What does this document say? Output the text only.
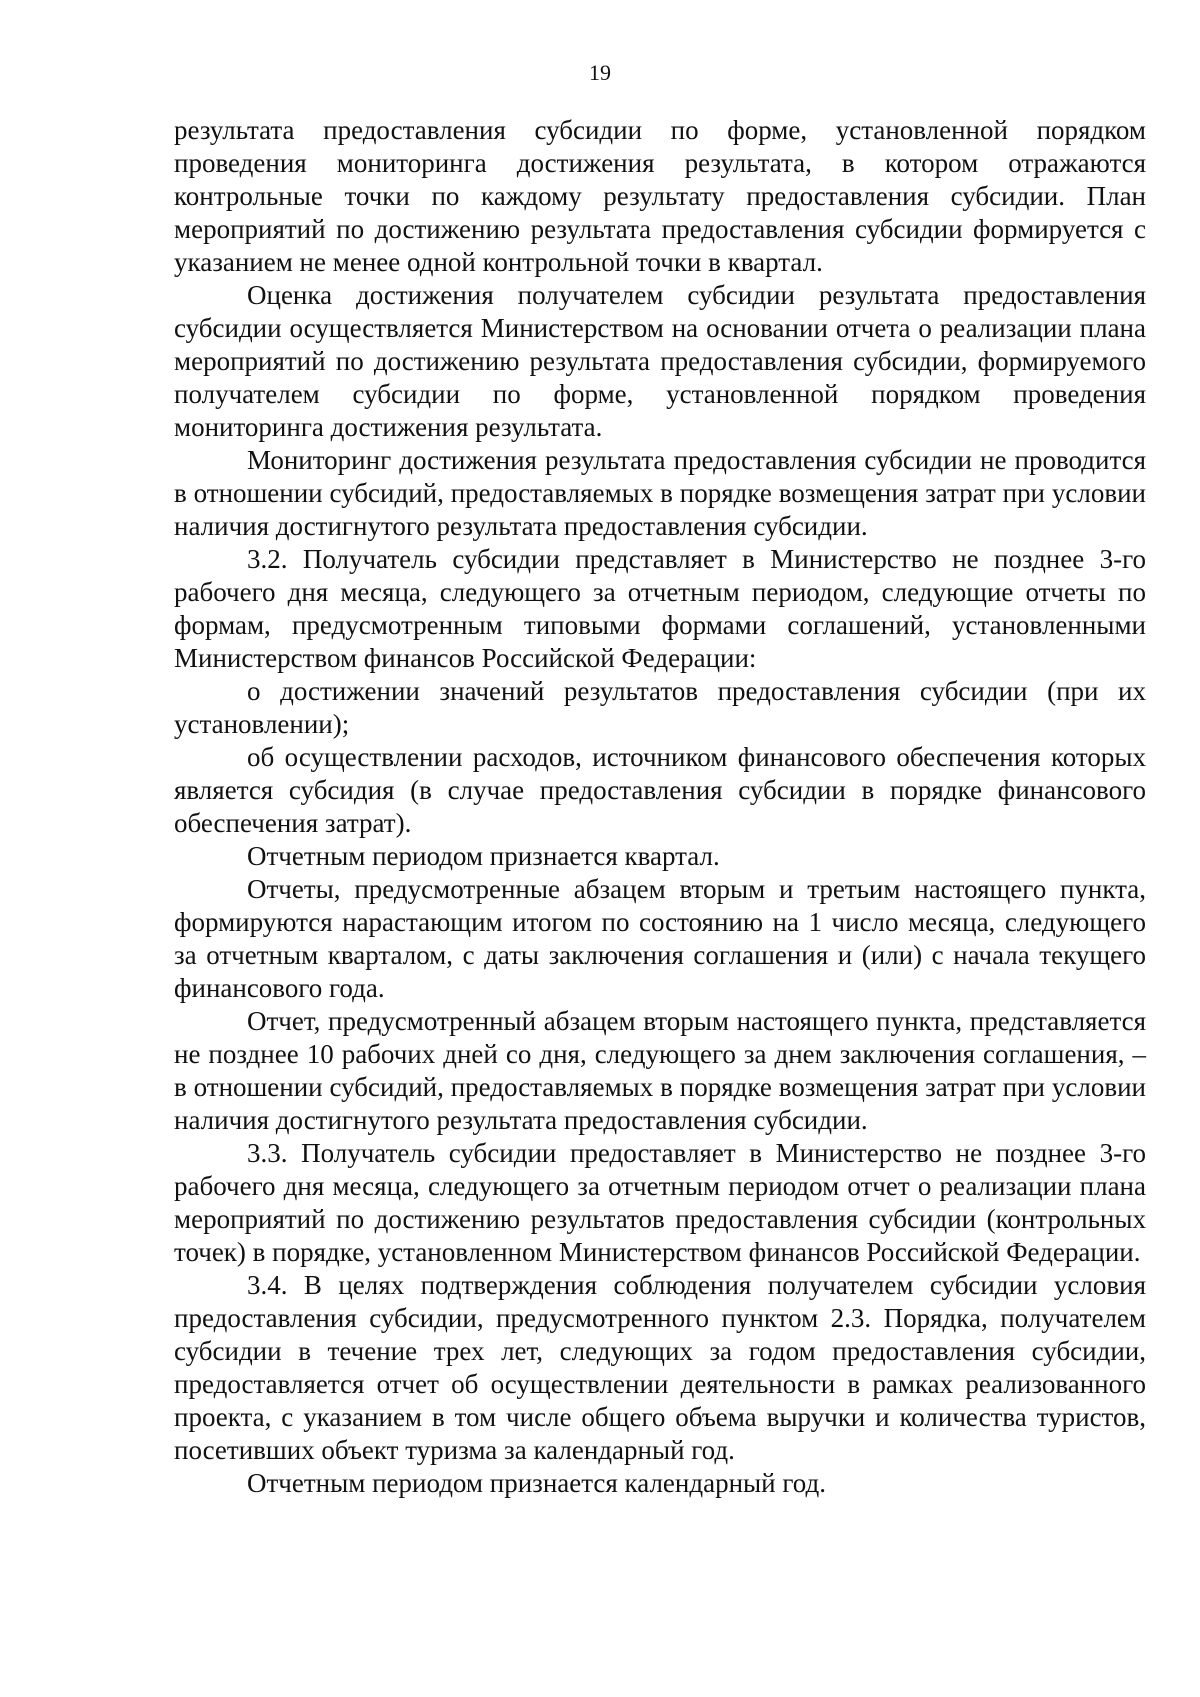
19

результата предоставления субсидии по форме, установленной порядком проведения мониторинга достижения результата, в котором отражаются контрольные точки по каждому результату предоставления субсидии. План мероприятий по достижению результата предоставления субсидии формируется с указанием не менее одной контрольной точки в квартал.

Оценка достижения получателем субсидии результата предоставления субсидии осуществляется Министерством на основании отчета о реализации плана мероприятий по достижению результата предоставления субсидии, формируемого получателем субсидии по форме, установленной порядком проведения мониторинга достижения результата.

Мониторинг достижения результата предоставления субсидии не проводится в отношении субсидий, предоставляемых в порядке возмещения затрат при условии наличия достигнутого результата предоставления субсидии.

3.2. Получатель субсидии представляет в Министерство не позднее 3-го рабочего дня месяца, следующего за отчетным периодом, следующие отчеты по формам, предусмотренным типовыми формами соглашений, установленными Министерством финансов Российской Федерации:

о достижении значений результатов предоставления субсидии (при их установлении);

об осуществлении расходов, источником финансового обеспечения которых является субсидия (в случае предоставления субсидии в порядке финансового обеспечения затрат).

Отчетным периодом признается квартал.

Отчеты, предусмотренные абзацем вторым и третьим настоящего пункта, формируются нарастающим итогом по состоянию на 1 число месяца, следующего за отчетным кварталом, с даты заключения соглашения и (или) с начала текущего финансового года.

Отчет, предусмотренный абзацем вторым настоящего пункта, представляется не позднее 10 рабочих дней со дня, следующего за днем заключения соглашения, – в отношении субсидий, предоставляемых в порядке возмещения затрат при условии наличия достигнутого результата предоставления субсидии.

3.3. Получатель субсидии предоставляет в Министерство не позднее 3-го рабочего дня месяца, следующего за отчетным периодом отчет о реализации плана мероприятий по достижению результатов предоставления субсидии (контрольных точек) в порядке, установленном Министерством финансов Российской Федерации.

3.4. В целях подтверждения соблюдения получателем субсидии условия предоставления субсидии, предусмотренного пунктом 2.3. Порядка, получателем субсидии в течение трех лет, следующих за годом предоставления субсидии, предоставляется отчет об осуществлении деятельности в рамках реализованного проекта, с указанием в том числе общего объема выручки и количества туристов, посетивших объект туризма за календарный год.

Отчетным периодом признается календарный год.
